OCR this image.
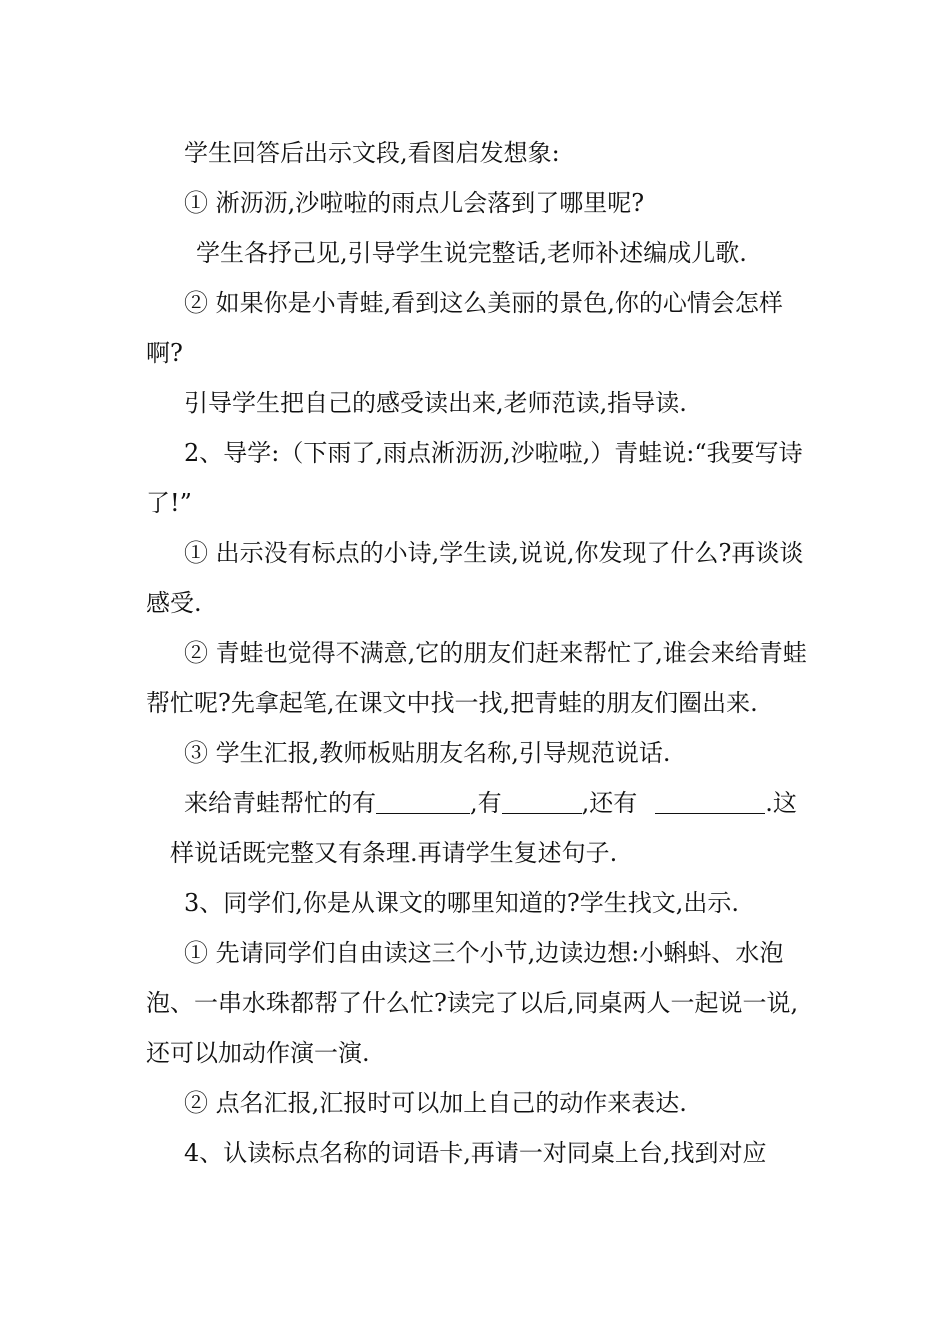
学生回答后出示文段,看图启发想象:

① 淅沥沥,沙啦啦的雨点儿会落到了哪里呢?

学生各抒己见,引导学生说完整话,老师补述编成儿歌.

② 如果你是小青蛙,看到这么美丽的景色,你的心情会怎样啊?

引导学生把自己的感受读出来,老师范读,指导读.

2、导学:（下雨了,雨点淅沥沥,沙啦啦,）青蛙说:“我要写诗了!”

① 出示没有标点的小诗,学生读,说说,你发现了什么?再谈谈感受.

② 青蛙也觉得不满意,它的朋友们赶来帮忙了,谁会来给青蛙帮忙呢?先拿起笔,在课文中找一找,把青蛙的朋友们圈出来.

③ 学生汇报,教师板贴朋友名称,引导规范说话.

来给青蛙帮忙的有	,有	,还有	.这

样说话既完整又有条理.再请学生复述句子.

3、同学们,你是从课文的哪里知道的?学生找文,出示.

① 先请同学们自由读这三个小节,边读边想:小蝌蚪、水泡泡、一串水珠都帮了什么忙?读完了以后,同桌两人一起说一说,还可以加动作演一演.

② 点名汇报,汇报时可以加上自己的动作来表达.

4、认读标点名称的词语卡,再请一对同桌上台,找到对应
